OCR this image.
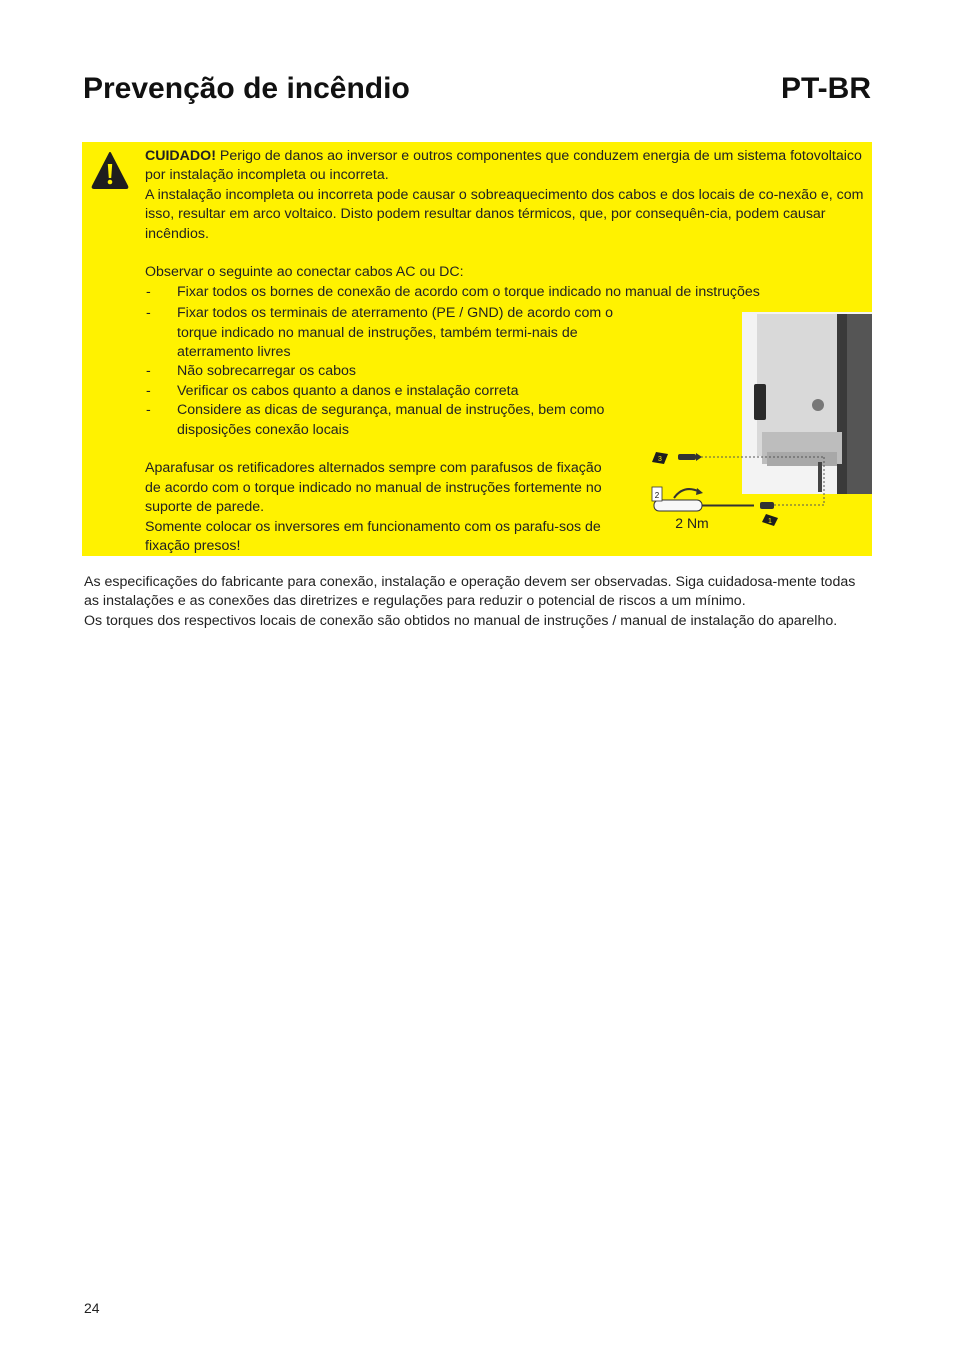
Prevenção de incêndio	PT-BR

CUIDADO! Perigo de danos ao inversor e outros componentes que conduzem energia de um sistema fotovoltaico por instalação incompleta ou incorreta.

A instalação incompleta ou incorreta pode causar o sobreaquecimento dos cabos e dos locais de co-nexão e, com isso, resultar em arco voltaico. Disto podem resultar danos térmicos, que, por consequên-cia, podem causar incêndios.

Observar o seguinte ao conectar cabos AC ou DC:

- Fixar todos os bornes de conexão de acordo com o torque indicado no manual de instruções
- Fixar todos os terminais de aterramento (PE / GND) de acordo com o torque indicado no manual de instruções, também termi-nais de aterramento livres
- Não sobrecarregar os cabos
- Verificar os cabos quanto a danos e instalação correta
- Considere as dicas de segurança, manual de instruções, bem como disposições conexão locais

Aparafusar os retificadores alternados sempre com parafusos de fixação de acordo com o torque indicado no manual de instruções fortemente no suporte de parede.

Somente colocar os inversores em funcionamento com os parafu-sos de fixação presos!

3
2
1
2 Nm

As especificações do fabricante para conexão, instalação e operação devem ser observadas. Siga cuidadosa-mente todas as instalações e as conexões das diretrizes e regulações para reduzir o potencial de riscos a um mínimo.

Os torques dos respectivos locais de conexão são obtidos no manual de instruções / manual de instalação do aparelho.

24
